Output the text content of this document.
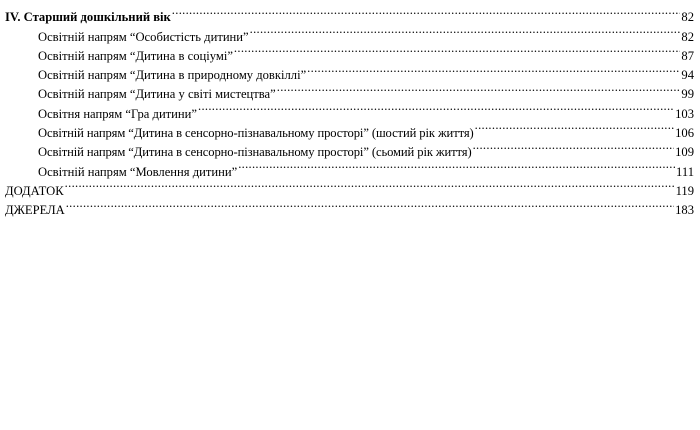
IV. Старший дошкільний вік .....	82
Освітній напрям “Особистість дитини” .....	82
Освітній напрям “Дитина в соціумі” .....	87
Освітній напрям “Дитина в природному довкіллі” .....	94
Освітній напрям “Дитина у світі мистецтва” .....	99
Освітня напрям “Гра дитини” .....	103
Освітній напрям “Дитина в сенсорно-пізнавальному просторі” (шостий рік життя) .....	106
Освітній напрям “Дитина в сенсорно-пізнавальному просторі” (сьомий рік життя) .....	109
Освітній напрям “Мовлення дитини” .....	111
ДОДАТОК .....	119
ДЖЕРЕЛА .....	183
